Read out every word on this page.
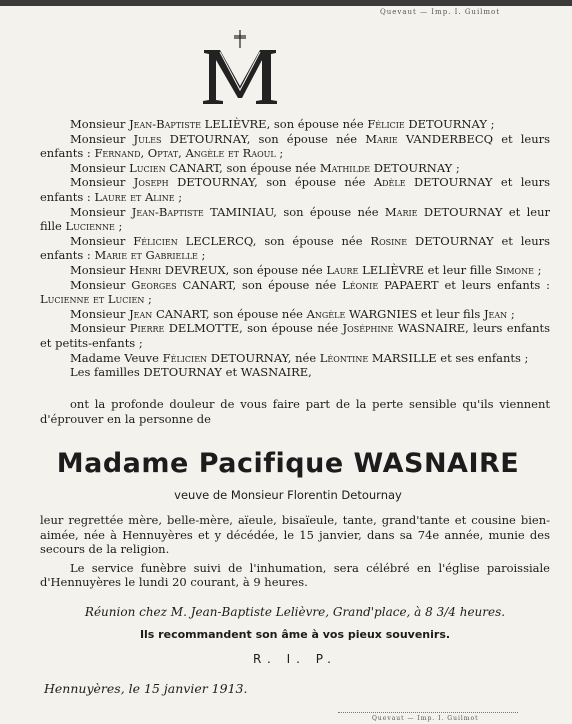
Quevaut — Imp. I. Guilmot

Monsieur Jean-Baptiste LELIÈVRE, son épouse née Félicie DETOURNAY ;

Monsieur Jules DETOURNAY, son épouse née Marie VANDERBECQ et leurs enfants : Fernand, Optat, Angèle et Raoul ;

Monsieur Lucien CANART, son épouse née Mathilde DETOURNAY ;

Monsieur Joseph DETOURNAY, son épouse née Adèle DETOURNAY et leurs enfants : Laure et Aline ;

Monsieur Jean-Baptiste TAMINIAU, son épouse née Marie DETOURNAY et leur fille Lucienne ;

Monsieur Félicien LECLERCQ, son épouse née Rosine DETOURNAY et leurs enfants : Marie et Gabrielle ;

Monsieur Henri DEVREUX, son épouse née Laure LELIÈVRE et leur fille Simone ;

Monsieur Georges CANART, son épouse née Léonie PAPAERT et leurs enfants : Lucienne et Lucien ;

Monsieur Jean CANART, son épouse née Angèle WARGNIES et leur fils Jean ;

Monsieur Pierre DELMOTTE, son épouse née Joséphine WASNAIRE, leurs enfants et petits-enfants ;

Madame Veuve Félicien DETOURNAY, née Léontine MARSILLE et ses enfants ;

Les familles DETOURNAY et WASNAIRE,

ont la profonde douleur de vous faire part de la perte sensible qu'ils viennent d'éprouver en la personne de
Madame Pacifique WASNAIRE
veuve de Monsieur Florentin Detournay

leur regrettée mère, belle-mère, aïeule, bisaïeule, tante, grand'tante et cousine bien-aimée, née à Hennuyères et y décédée, le 15 janvier, dans sa 74e année, munie des secours de la religion.

Le service funèbre suivi de l'inhumation, sera célébré en l'église paroissiale d'Hennuyères le lundi 20 courant, à 9 heures.

Réunion chez M. Jean-Baptiste Lelièvre, Grand'place, à 8 3/4 heures.
Ils recommandent son âme à vos pieux souvenirs.
R. I. P.
Hennuyères, le 15 janvier 1913.
Quevaut — Imp. I. Guilmot
